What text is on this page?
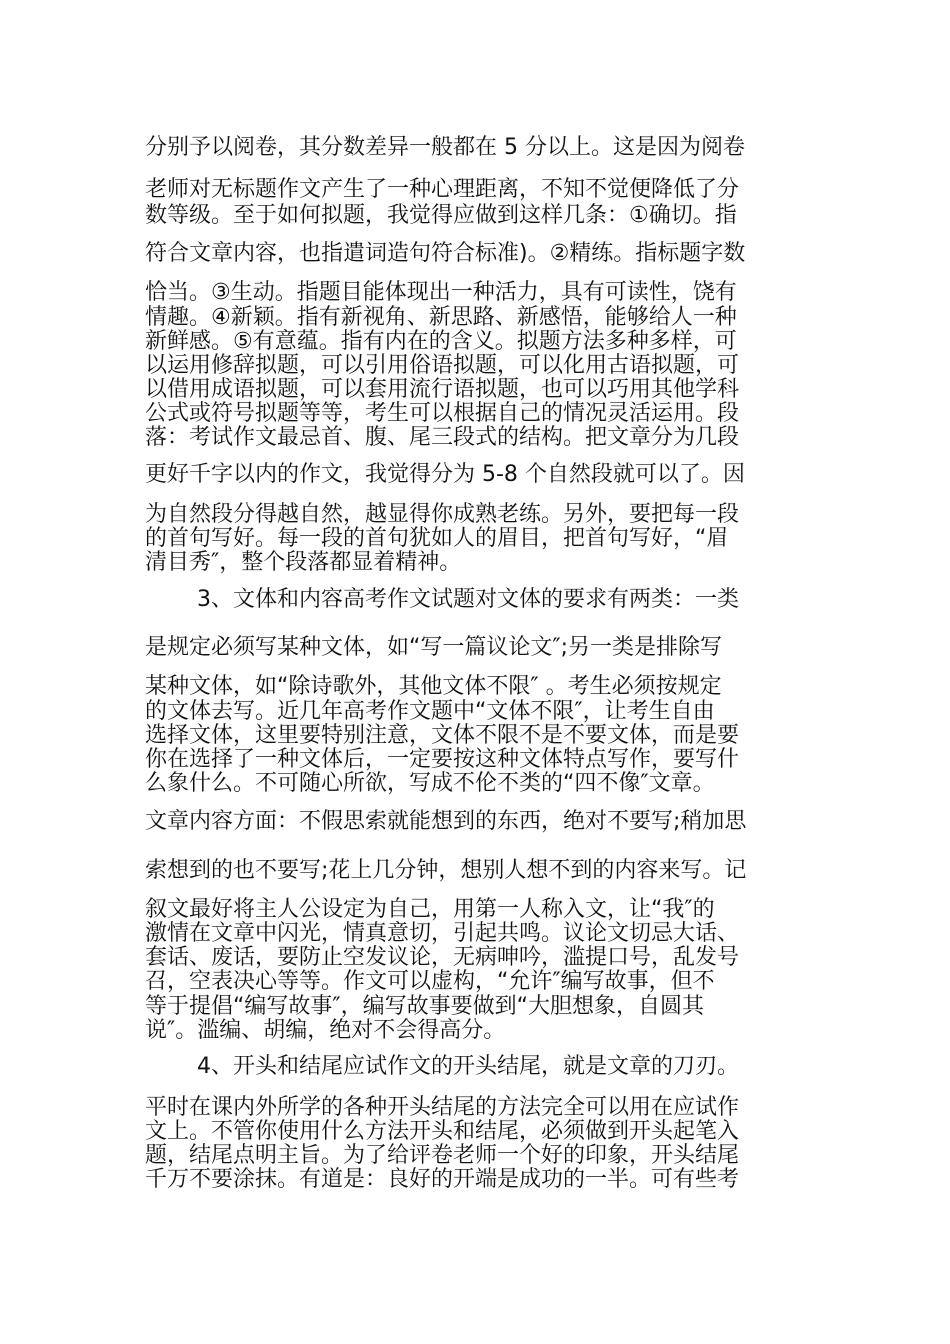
分别予以阅卷，其分数差异一般都在 5 分以上。这是因为阅卷
老师对无标题作文产生了一种心理距离，不知不觉便降低了分
数等级。至于如何拟题，我觉得应做到这样几条：①确切。指
符合文章内容，也指遣词造句符合标准)。②精练。指标题字数
恰当。③生动。指题目能体现出一种活力，具有可读性，饶有
情趣。④新颖。指有新视角、新思路、新感悟，能够给人一种
新鲜感。⑤有意蕴。指有内在的含义。拟题方法多种多样，可
以运用修辞拟题，可以引用俗语拟题，可以化用古语拟题，可
以借用成语拟题，可以套用流行语拟题，也可以巧用其他学科
公式或符号拟题等等，考生可以根据自己的情况灵活运用。段
落：考试作文最忌首、腹、尾三段式的结构。把文章分为几段
更好千字以内的作文，我觉得分为 5-8 个自然段就可以了。因
为自然段分得越自然，越显得你成熟老练。另外，要把每一段
的首句写好。每一段的首句犹如人的眉目，把首句写好，“眉
清目秀″，整个段落都显着精神。
3、文体和内容高考作文试题对文体的要求有两类：一类
是规定必须写某种文体，如“写一篇议论文″;另一类是排除写
某种文体，如“除诗歌外，其他文体不限″ 。考生必须按规定
的文体去写。近几年高考作文题中“文体不限″，让考生自由
选择文体，这里要特别注意，文体不限不是不要文体，而是要
你在选择了一种文体后，一定要按这种文体特点写作，要写什
么象什么。不可随心所欲，写成不伦不类的“四不像″文章。
文章内容方面：不假思索就能想到的东西，绝对不要写;稍加思
索想到的也不要写;花上几分钟，想别人想不到的内容来写。记
叙文最好将主人公设定为自己，用第一人称入文，让“我″的
激情在文章中闪光，情真意切，引起共鸣。议论文切忌大话、
套话、废话，要防止空发议论，无病呻吟，滥提口号，乱发号
召，空表决心等等。作文可以虚构，“允许″编写故事，但不
等于提倡“编写故事″，编写故事要做到“大胆想象，自圆其
说″。滥编、胡编，绝对不会得高分。
4、开头和结尾应试作文的开头结尾，就是文章的刀刃。
平时在课内外所学的各种开头结尾的方法完全可以用在应试作
文上。不管你使用什么方法开头和结尾，必须做到开头起笔入
题，结尾点明主旨。为了给评卷老师一个好的印象，开头结尾
千万不要涂抹。有道是：良好的开端是成功的一半。可有些考
